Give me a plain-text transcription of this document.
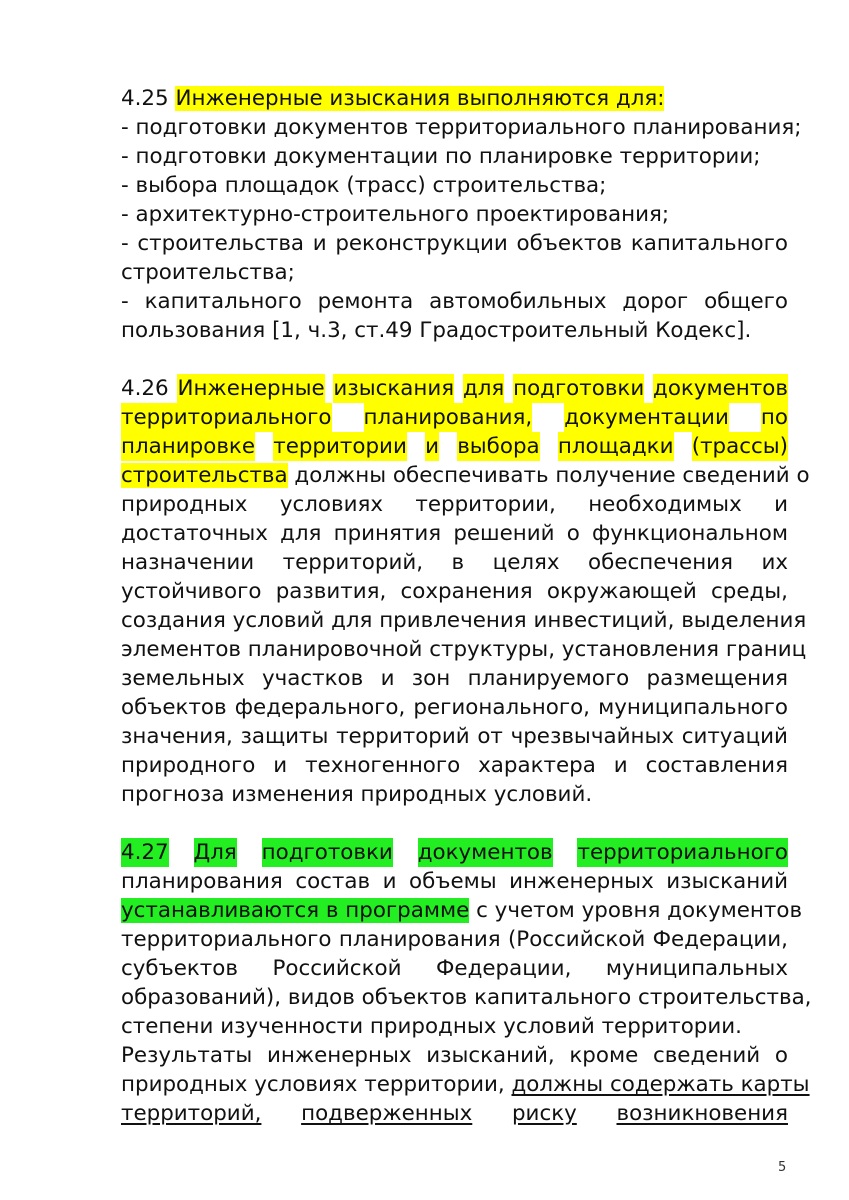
4.25 Инженерные изыскания выполняются для:
- подготовки документов территориального планирования;
- подготовки документации по планировке территории;
- выбора площадок (трасс) строительства;
- архитектурно-строительного проектирования;
- строительства и реконструкции объектов капитального
строительства;
- капитального ремонта автомобильных дорог общего
пользования [1, ч.3, ст.49 Градостроительный Кодекс].
4.26 Инженерные изыскания для подготовки документов
территориального планирования, документации по
планировке территории и выбора площадки (трассы)
строительства должны обеспечивать получение сведений о
природных условиях территории, необходимых и
достаточных для принятия решений о функциональном
назначении территорий, в целях обеспечения их
устойчивого развития, сохранения окружающей среды,
создания условий для привлечения инвестиций, выделения
элементов планировочной структуры, установления границ
земельных участков и зон планируемого размещения
объектов федерального, регионального, муниципального
значения, защиты территорий от чрезвычайных ситуаций
природного и техногенного характера и составления
прогноза изменения природных условий.
4.27 Для подготовки документов территориального
планирования состав и объемы инженерных изысканий
устанавливаются в программе с учетом уровня документов
территориального планирования (Российской Федерации,
субъектов Российской Федерации, муниципальных
образований), видов объектов капитального строительства,
степени изученности природных условий территории.
Результаты инженерных изысканий, кроме сведений о
природных условиях территории, должны содержать карты
территорий, подверженных риску возникновения
5
